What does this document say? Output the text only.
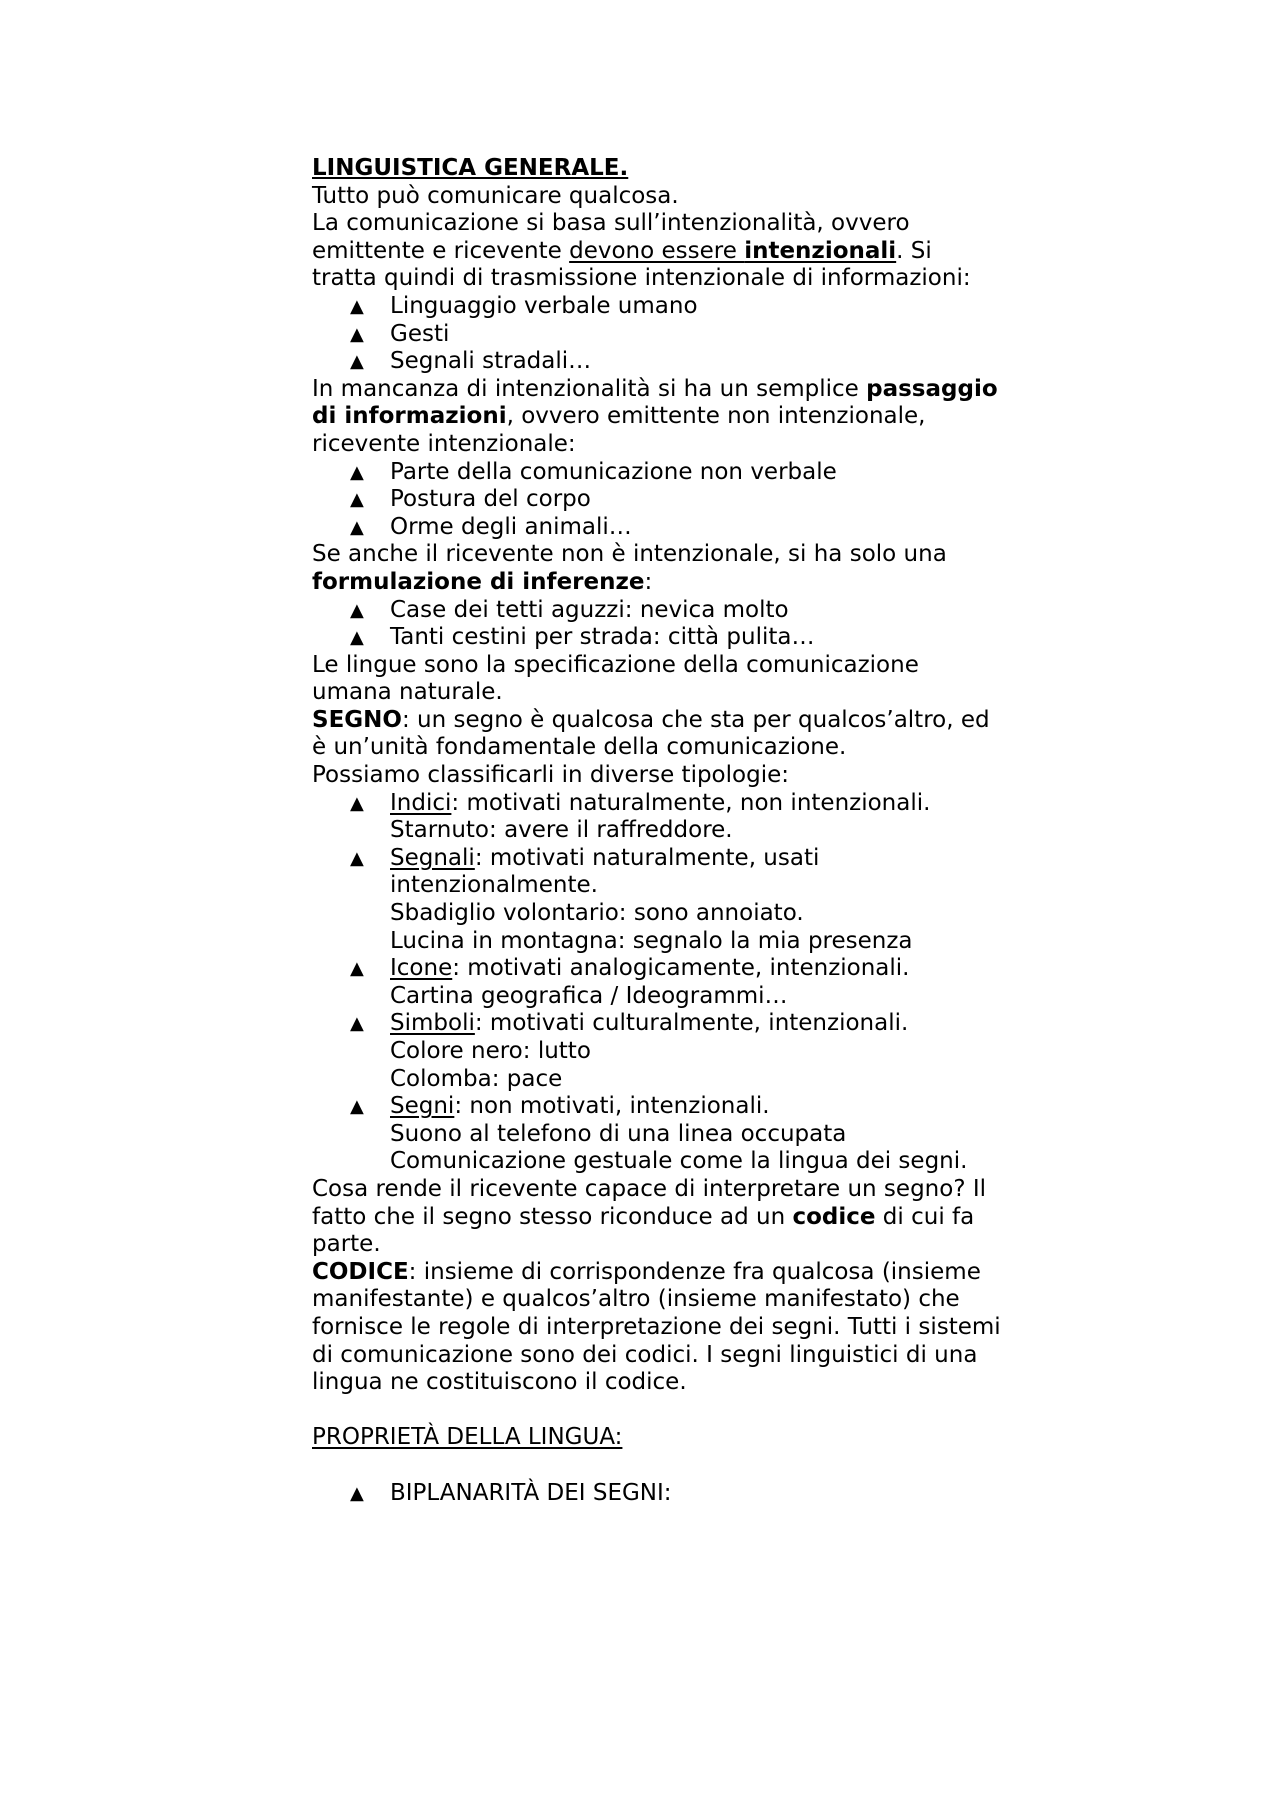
LINGUISTICA GENERALE.

Tutto può comunicare qualcosa.

La comunicazione si basa sull’intenzionalità, ovvero emittente e ricevente devono essere intenzionali. Si tratta quindi di trasmissione intenzionale di informazioni:

▲	Linguaggio verbale umano
▲	Gesti
▲	Segnali stradali…

In mancanza di intenzionalità si ha un semplice passaggio di informazioni, ovvero emittente non intenzionale, ricevente intenzionale:

▲	Parte della comunicazione non verbale
▲	Postura del corpo
▲	Orme degli animali…

Se anche il ricevente non è intenzionale, si ha solo una formulazione di inferenze:

▲	Case dei tetti aguzzi: nevica molto
▲	Tanti cestini per strada: città pulita…

Le lingue sono la specificazione della comunicazione umana naturale.

SEGNO: un segno è qualcosa che sta per qualcos’altro, ed è un’unità fondamentale della comunicazione.

Possiamo classificarli in diverse tipologie:

▲	Indici: motivati naturalmente, non intenzionali.
Starnuto: avere il raffreddore.
▲	Segnali: motivati naturalmente, usati intenzionalmente.
Sbadiglio volontario: sono annoiato.
Lucina in montagna: segnalo la mia presenza
▲	Icone: motivati analogicamente, intenzionali.
Cartina geografica / Ideogrammi…
▲	Simboli: motivati culturalmente, intenzionali.
Colore nero: lutto
Colomba: pace
▲	Segni: non motivati, intenzionali.
Suono al telefono di una linea occupata
Comunicazione gestuale come la lingua dei segni.

Cosa rende il ricevente capace di interpretare un segno? Il fatto che il segno stesso riconduce ad un codice di cui fa parte.

CODICE: insieme di corrispondenze fra qualcosa (insieme manifestante) e qualcos’altro (insieme manifestato) che fornisce le regole di interpretazione dei segni. Tutti i sistemi di comunicazione sono dei codici. I segni linguistici di una lingua ne costituiscono il codice.

PROPRIETÀ DELLA LINGUA:

▲	BIPLANARITÀ DEI SEGNI:
